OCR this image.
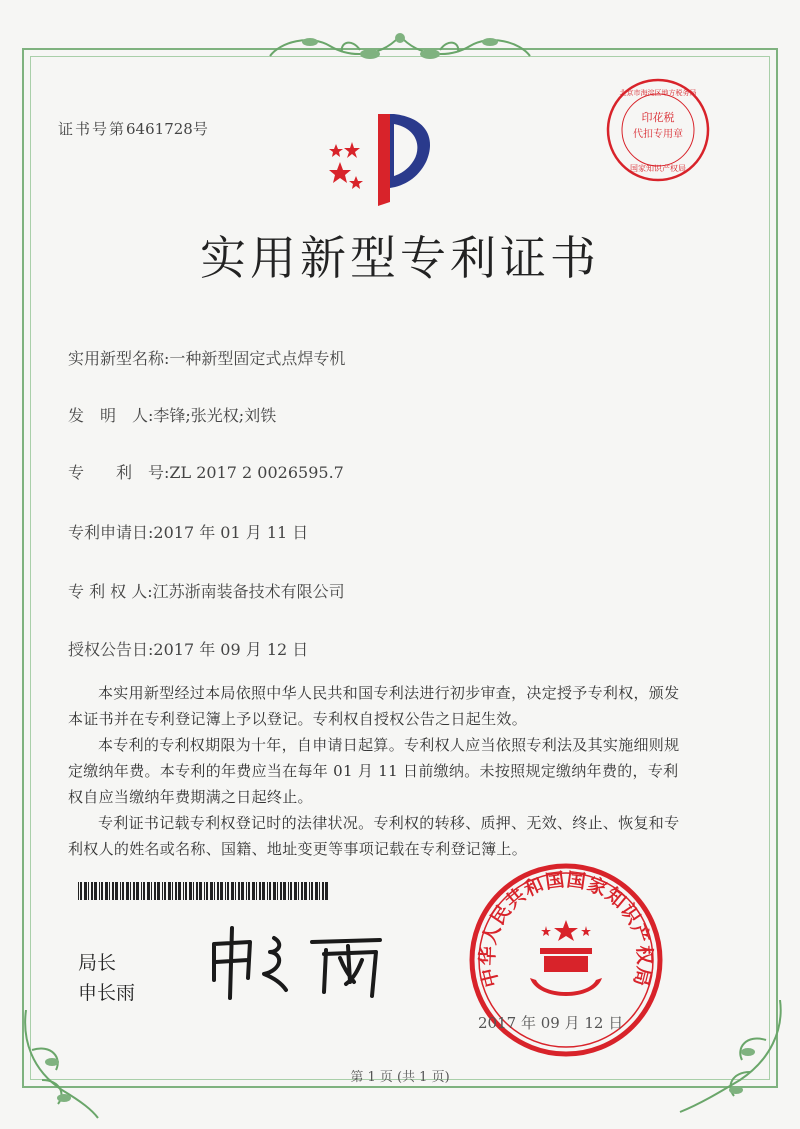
证书号第6461728号
印花税
代扣专用章
北京市海淀区地方税务局
国家知识产权局
实用新型专利证书
实用新型名称:一种新型固定式点焊专机
发　明　人:李锋;张光权;刘铁
专　　利　号:ZL 2017 2 0026595.7
专利申请日:2017 年 01 月 11 日
专 利 权 人:江苏浙南装备技术有限公司
授权公告日:2017 年 09 月 12 日

本实用新型经过本局依照中华人民共和国专利法进行初步审查，决定授予专利权，颁发本证书并在专利登记簿上予以登记。专利权自授权公告之日起生效。

本专利的专利权期限为十年，自申请日起算。专利权人应当依照专利法及其实施细则规定缴纳年费。本专利的年费应当在每年 01 月 11 日前缴纳。未按照规定缴纳年费的，专利权自应当缴纳年费期满之日起终止。

专利证书记载专利权登记时的法律状况。专利权的转移、质押、无效、终止、恢复和专利权人的姓名或名称、国籍、地址变更等事项记载在专利登记簿上。

局长
申长雨
中华人民共和国国家知识产权局
2017 年 09 月 12 日
第 1 页 (共 1 页)
